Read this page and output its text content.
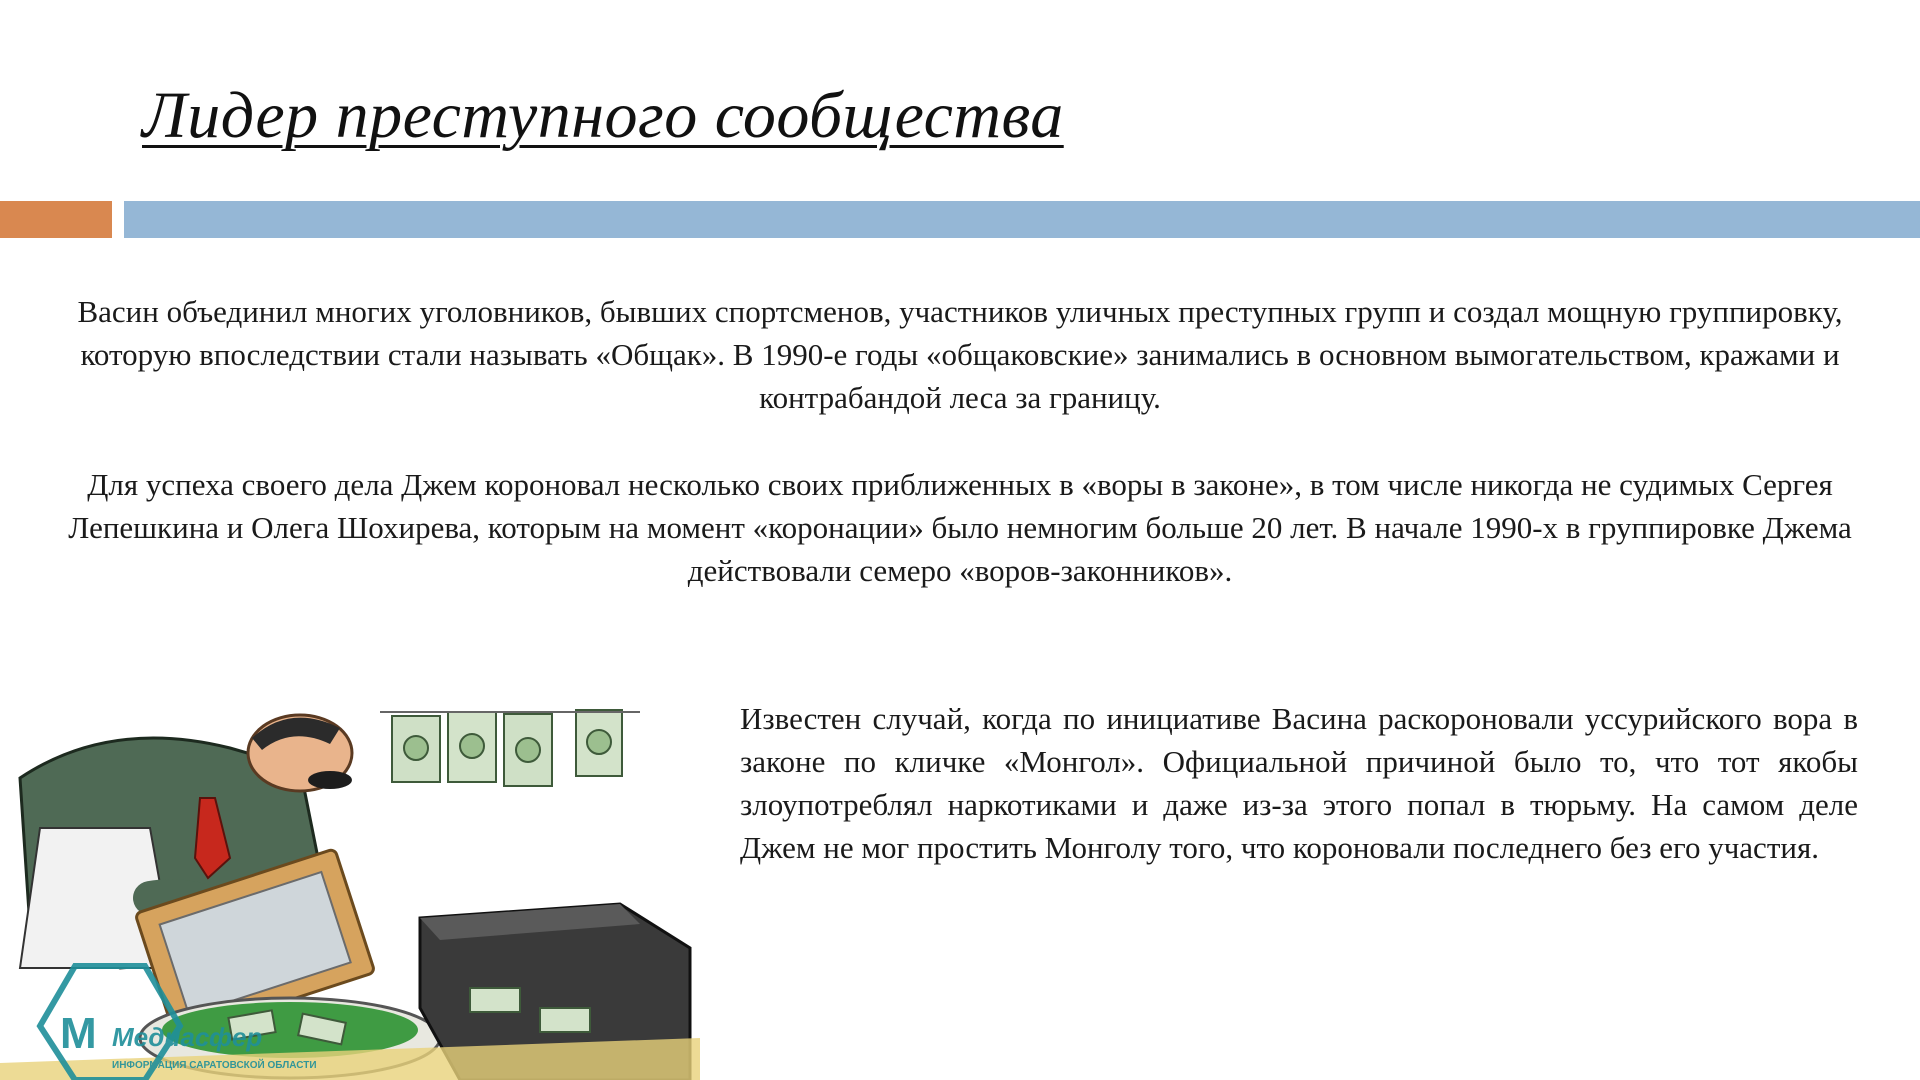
Лидер преступного сообщества

Васин объединил многих уголовников, бывших спортсменов, участников уличных преступных групп и создал мощную группировку, которую впоследствии стали называть «Общак». В 1990-е годы «общаковские» занимались в основном вымогательством, кражами и контрабандой леса за границу.

Для успеха своего дела Джем короновал несколько своих приближенных в «воры в законе», в том числе никогда не судимых Сергея Лепешкина и Олега Шохирева, которым на момент «коронации» было немногим больше 20 лет. В начале 1990-х в группировке Джема действовали семеро «воров-законников».

Известен случай, когда по инициативе Васина раскороновали уссурийского вора в законе по кличке «Монгол». Официальной причиной было то, что тот якобы злоупотреблял наркотиками и даже из-за этого попал в тюрьму. На самом деле Джем не мог простить Монголу того, что короновали последнего без его участия.

M Медиасфер
ИНФОРМАЦИЯ САРАТОВСКОЙ ОБЛАСТИ
